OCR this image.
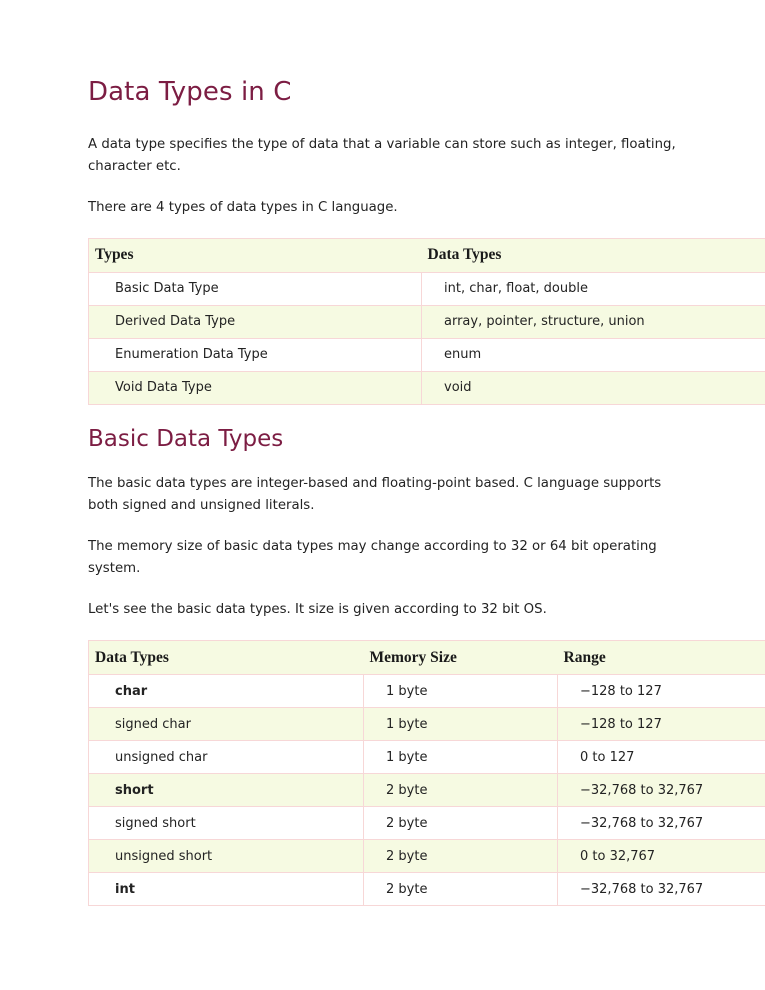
Data Types in C

A data type specifies the type of data that a variable can store such as integer, floating, character etc.

There are 4 types of data types in C language.

Types	Data Types
Basic Data Type	int, char, float, double
Derived Data Type	array, pointer, structure, union
Enumeration Data Type	enum
Void Data Type	void
Basic Data Types

The basic data types are integer-based and floating-point based. C language supports both signed and unsigned literals.

The memory size of basic data types may change according to 32 or 64 bit operating system.

Let's see the basic data types. It size is given according to 32 bit OS.

Data Types	Memory Size	Range
char	1 byte	−128 to 127
signed char	1 byte	−128 to 127
unsigned char	1 byte	0 to 127
short	2 byte	−32,768 to 32,767
signed short	2 byte	−32,768 to 32,767
unsigned short	2 byte	0 to 32,767
int	2 byte	−32,768 to 32,767
